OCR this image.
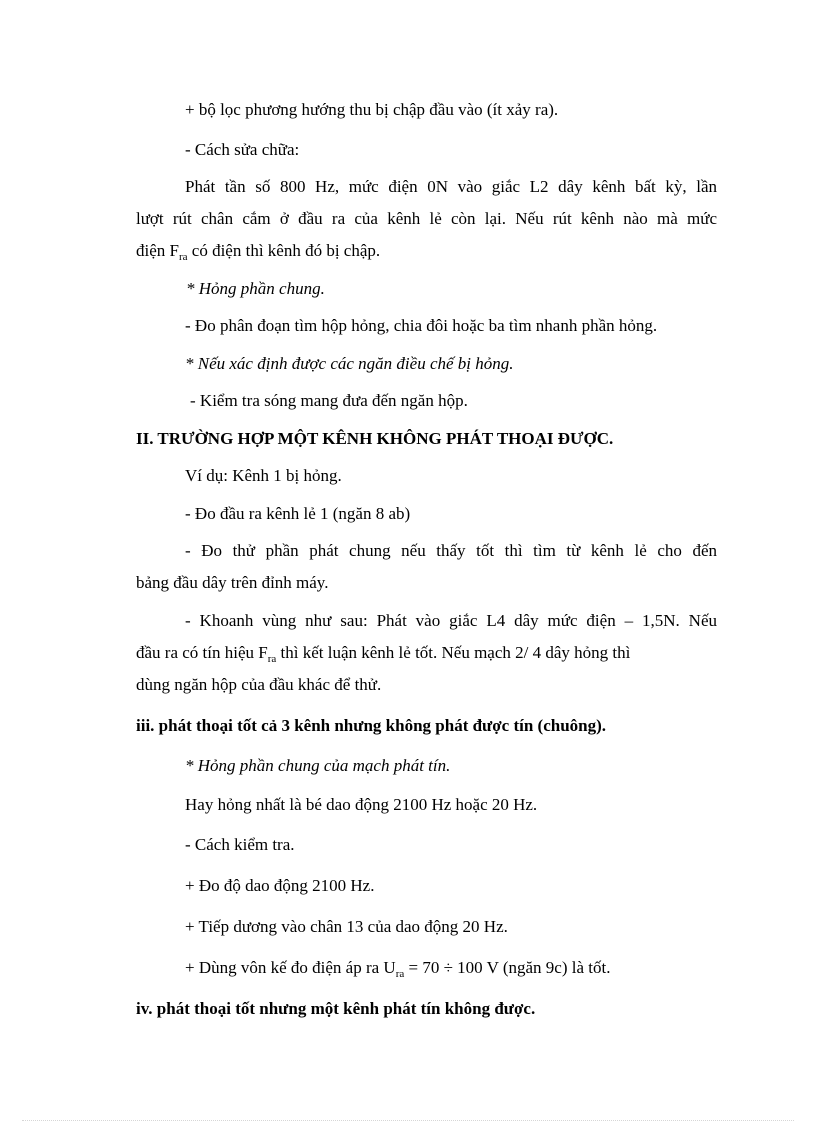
+ bộ lọc phương hướng thu bị chập đầu vào (ít xảy ra).
- Cách sửa chữa:
Phát tần số 800 Hz, mức điện 0N vào giắc L2 dây kênh bất kỳ, lần
lượt rút chân cắm ở đầu ra của kênh lẻ còn lại. Nếu rút kênh nào mà mức
điện $F_{ra}$ có điện thì kênh đó bị chập.
* Hỏng phần chung.
- Đo phân đoạn tìm hộp hỏng, chia đôi hoặc ba tìm nhanh phần hỏng.
* Nếu xác định được các ngăn điều chế bị hỏng.
- Kiểm tra sóng mang đưa đến ngăn hộp.
II. TRƯỜNG HỢP MỘT KÊNH KHÔNG PHÁT THOẠI ĐƯỢC.
Ví dụ: Kênh 1 bị hỏng.
- Đo đầu ra kênh lẻ 1 (ngăn 8 ab)
- Đo thử phần phát chung nếu thấy tốt thì tìm từ kênh lẻ cho đến
bảng đầu dây trên đỉnh máy.
- Khoanh vùng như sau: Phát vào giắc L4 dây mức điện – 1,5N. Nếu
đầu ra có tín hiệu $F_{ra}$ thì kết luận kênh lẻ tốt. Nếu mạch 2/ 4 dây hỏng thì
dùng ngăn hộp của đầu khác để thử.
iii. phát thoại tốt cả 3 kênh nhưng không phát được tín (chuông).
* Hỏng phần chung của mạch phát tín.
Hay hỏng nhất là bé dao động 2100 Hz hoặc 20 Hz.
- Cách kiểm tra.
+ Đo độ dao động 2100 Hz.
+ Tiếp dương vào chân 13 của dao động 20 Hz.
+ Dùng vôn kế đo điện áp ra $U_{ra} = 70 \div 100$ V (ngăn 9c) là tốt.
iv. phát thoại tốt nhưng một kênh phát tín không được.
